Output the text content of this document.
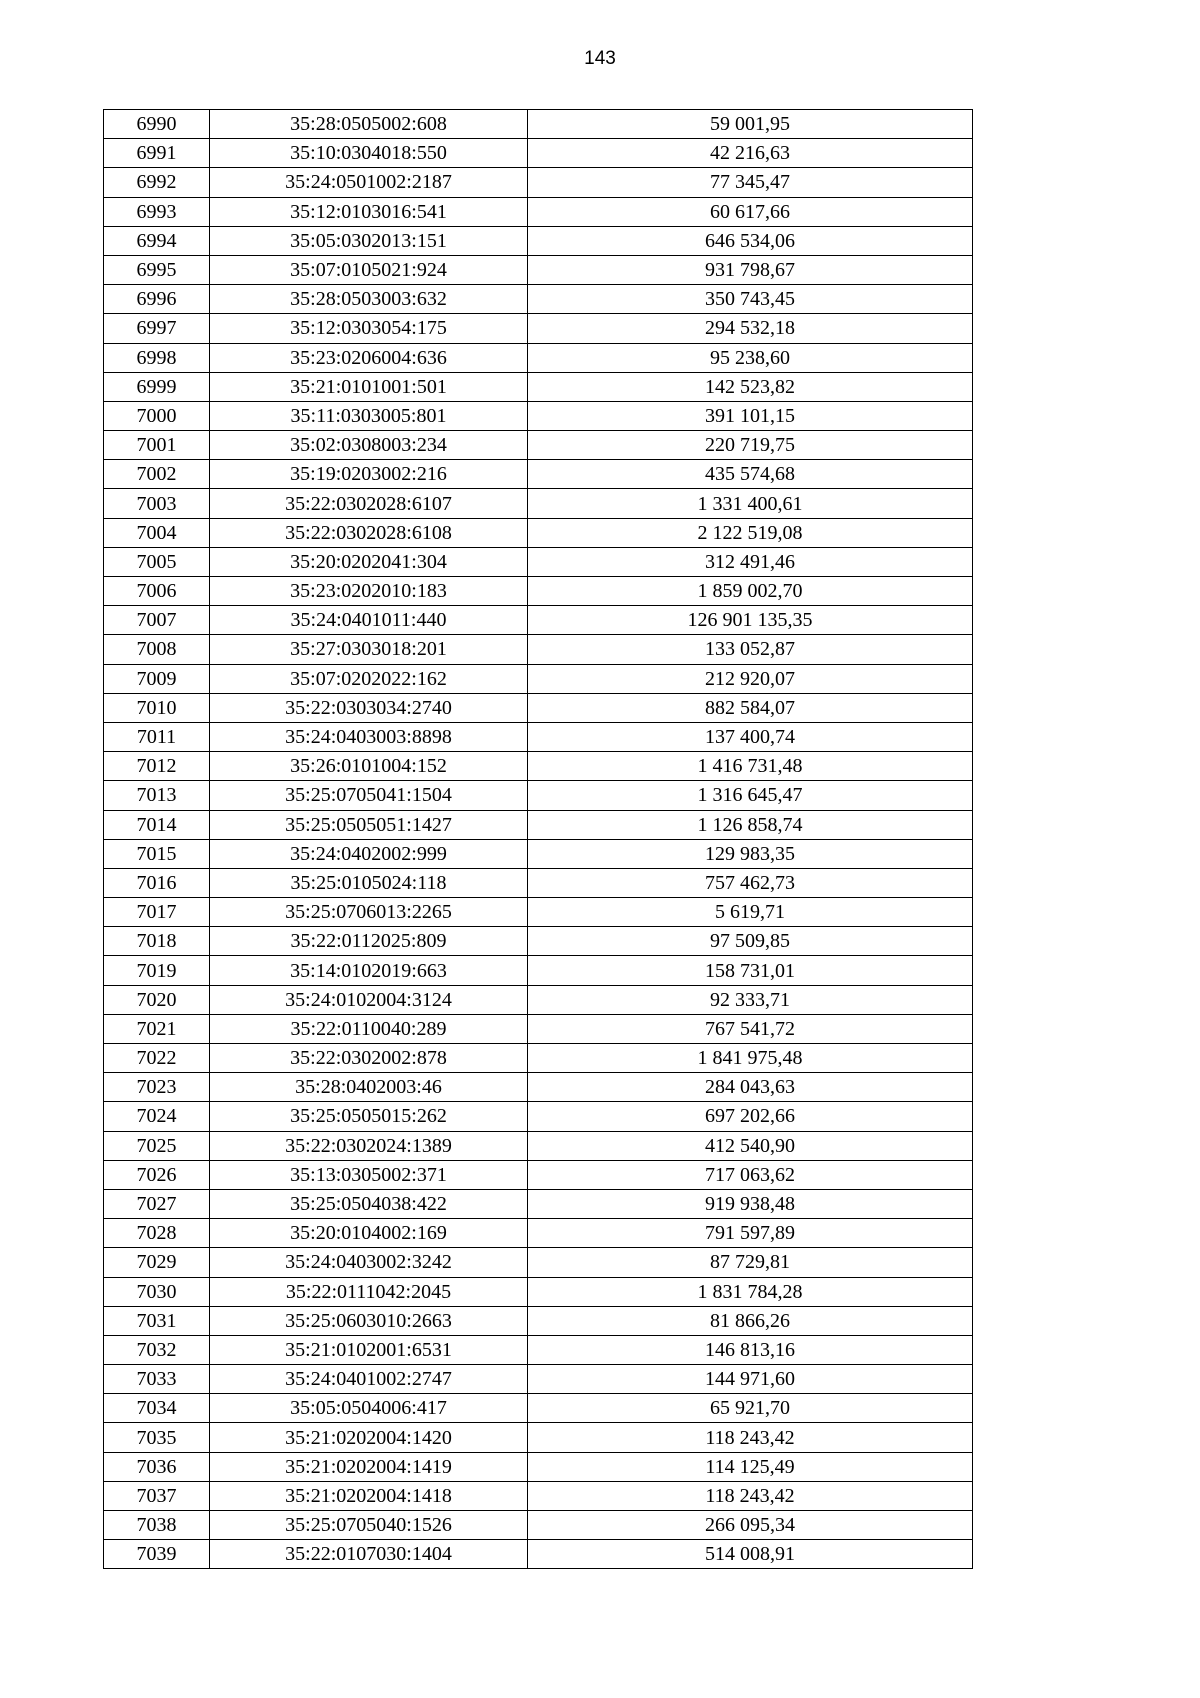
143
6990	35:28:0505002:608	59 001,95
6991	35:10:0304018:550	42 216,63
6992	35:24:0501002:2187	77 345,47
6993	35:12:0103016:541	60 617,66
6994	35:05:0302013:151	646 534,06
6995	35:07:0105021:924	931 798,67
6996	35:28:0503003:632	350 743,45
6997	35:12:0303054:175	294 532,18
6998	35:23:0206004:636	95 238,60
6999	35:21:0101001:501	142 523,82
7000	35:11:0303005:801	391 101,15
7001	35:02:0308003:234	220 719,75
7002	35:19:0203002:216	435 574,68
7003	35:22:0302028:6107	1 331 400,61
7004	35:22:0302028:6108	2 122 519,08
7005	35:20:0202041:304	312 491,46
7006	35:23:0202010:183	1 859 002,70
7007	35:24:0401011:440	126 901 135,35
7008	35:27:0303018:201	133 052,87
7009	35:07:0202022:162	212 920,07
7010	35:22:0303034:2740	882 584,07
7011	35:24:0403003:8898	137 400,74
7012	35:26:0101004:152	1 416 731,48
7013	35:25:0705041:1504	1 316 645,47
7014	35:25:0505051:1427	1 126 858,74
7015	35:24:0402002:999	129 983,35
7016	35:25:0105024:118	757 462,73
7017	35:25:0706013:2265	5 619,71
7018	35:22:0112025:809	97 509,85
7019	35:14:0102019:663	158 731,01
7020	35:24:0102004:3124	92 333,71
7021	35:22:0110040:289	767 541,72
7022	35:22:0302002:878	1 841 975,48
7023	35:28:0402003:46	284 043,63
7024	35:25:0505015:262	697 202,66
7025	35:22:0302024:1389	412 540,90
7026	35:13:0305002:371	717 063,62
7027	35:25:0504038:422	919 938,48
7028	35:20:0104002:169	791 597,89
7029	35:24:0403002:3242	87 729,81
7030	35:22:0111042:2045	1 831 784,28
7031	35:25:0603010:2663	81 866,26
7032	35:21:0102001:6531	146 813,16
7033	35:24:0401002:2747	144 971,60
7034	35:05:0504006:417	65 921,70
7035	35:21:0202004:1420	118 243,42
7036	35:21:0202004:1419	114 125,49
7037	35:21:0202004:1418	118 243,42
7038	35:25:0705040:1526	266 095,34
7039	35:22:0107030:1404	514 008,91
